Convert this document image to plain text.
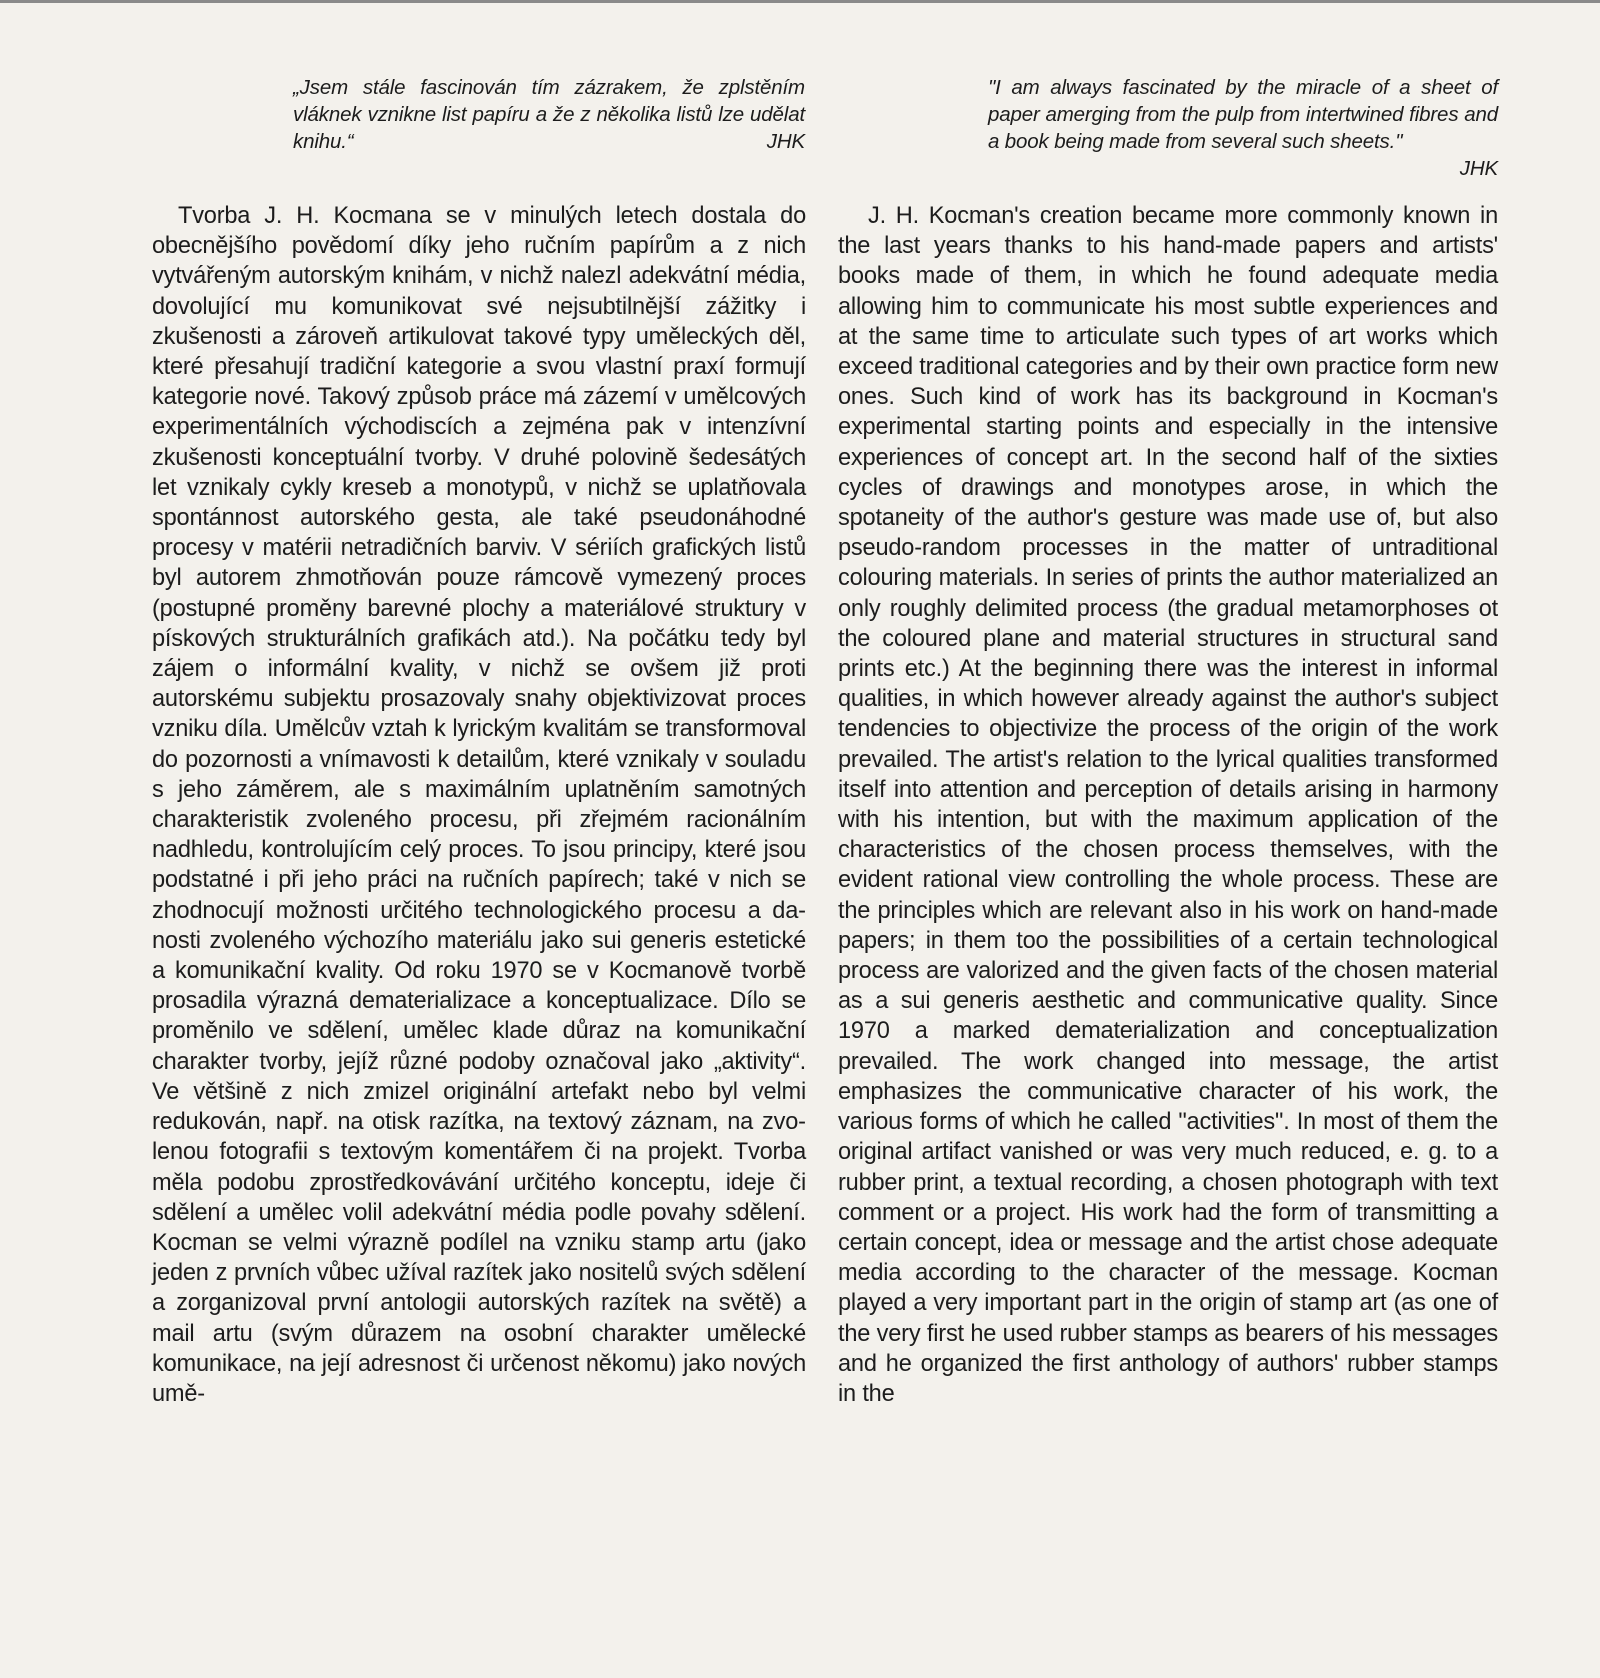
„Jsem stále fascinován tím zázrakem, že zplstěním vláknek vznikne list papíru a že z několika listů lze udělat knihu.“	JHK
"I am always fascinated by the miracle of a sheet of paper amerging from the pulp from intertwined fibres and a book being made from several such sheets."
JHK
Tvorba J. H. Kocmana se v minulých letech dostala do obecnějšího povědomí díky jeho ručním papírům a z nich vytvářeným autorským knihám, v nichž nalezl adekvátní média, dovolující mu komunikovat své nejsubtilnější zážitky i zkušenosti a zároveň artikulovat takové typy uměleckých děl, které přesahují tradiční kategorie a svou vlastní praxí formují kategorie nové. Takový způsob práce má zázemí v umělcových experimentálních východiscích a zejména pak v intenzívní zkušenosti konceptuální tvorby. V druhé polovině šedesátých let vznikaly cykly kreseb a monotypů, v nichž se uplatňovala spontánnost autorského gesta, ale také pseudonáhodné procesy v matérii netradičních barviv. V sériích grafických listů byl autorem zhmotňován pouze rámcově vymezený proces (postupné proměny barevné plochy a materiálové struktury v pískových strukturálních grafikách atd.). Na počátku tedy byl zájem o informální kvality, v nichž se ovšem již proti autorskému subjektu prosazovaly snahy objektivizovat proces vzniku díla. Umělcův vztah k lyrickým kvalitám se transformoval do pozornosti a vnímavosti k detailům, které vznikaly v souladu s jeho záměrem, ale s maximálním uplatněním samotných charakteristik zvoleného procesu, při zřejmém racionálním nadhledu, kontrolujícím celý proces. To jsou principy, které jsou podstatné i při jeho práci na ručních papírech; také v nich se zhodnocují možnosti určitého technologického procesu a danosti zvoleného výchozího materiálu jako sui generis estetické a komunikační kvality. Od roku 1970 se v Kocmanově tvorbě prosadila výrazná dematerializace a konceptualizace. Dílo se proměnilo ve sdělení, umělec klade důraz na komunikační charakter tvorby, jejíž různé podoby označoval jako „aktivity“. Ve většině z nich zmizel originální artefakt nebo byl velmi redukován, např. na otisk razítka, na textový záznam, na zvolenou fotografii s textovým komentářem či na projekt. Tvorba měla podobu zprostředkovávání určitého konceptu, ideje či sdělení a umělec volil adekvátní média podle povahy sdělení. Kocman se velmi výrazně podílel na vzniku stamp artu (jako jeden z prvních vůbec užíval razítek jako nositelů svých sdělení a zorganizoval první antologii autorských razítek na světě) a mail artu (svým důrazem na osobní charakter umělecké komunikace, na její adresnost či určenost někomu) jako nových umě-
J. H. Kocman's creation became more commonly known in the last years thanks to his hand-made papers and artists' books made of them, in which he found adequate media allowing him to communicate his most subtle experiences and at the same time to articulate such types of art works which exceed traditional categories and by their own practice form new ones. Such kind of work has its background in Kocman's experimental starting points and especially in the intensive experiences of concept art. In the second half of the sixties cycles of drawings and monotypes arose, in which the spotaneity of the author's gesture was made use of, but also pseudo-random processes in the matter of untraditional colouring materials. In series of prints the author materialized an only roughly delimited process (the gradual metamorphoses ot the coloured plane and material structures in structural sand prints etc.) At the beginning there was the interest in informal qualities, in which however already against the author's subject tendencies to objectivize the process of the origin of the work prevailed. The artist's relation to the lyrical qualities transformed itself into attention and perception of details arising in harmony with his intention, but with the maximum application of the characteristics of the chosen process themselves, with the evident rational view controlling the whole process. These are the principles which are relevant also in his work on hand-made papers; in them too the possibilities of a certain technological process are valorized and the given facts of the chosen material as a sui generis aesthetic and communicative quality. Since 1970 a marked dematerialization and conceptualization prevailed. The work changed into message, the artist emphasizes the communicative character of his work, the various forms of which he called "activities". In most of them the original artifact vanished or was very much reduced, e. g. to a rubber print, a textual recording, a chosen photograph with text comment or a project. His work had the form of transmitting a certain concept, idea or message and the artist chose adequate media according to the character of the message. Kocman played a very important part in the origin of stamp art (as one of the very first he used rubber stamps as bearers of his messages and he organized the first anthology of authors' rubber stamps in the
